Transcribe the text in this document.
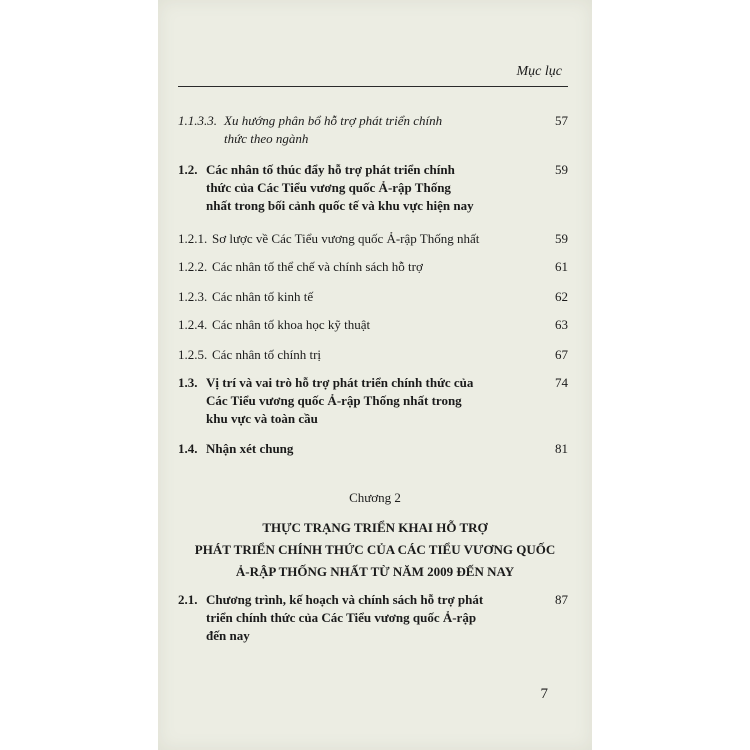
Mục lục
1.1.3.3. Xu hướng phân bổ hỗ trợ phát triển chính
thức theo ngành
57
1.2. Các nhân tố thúc đẩy hỗ trợ phát triển chính
thức của Các Tiểu vương quốc Ả-rập Thống
nhất trong bối cảnh quốc tế và khu vực hiện nay
59
1.2.1. Sơ lược về Các Tiểu vương quốc Ả-rập Thống nhất	59
1.2.2. Các nhân tố thể chế và chính sách hỗ trợ	61
1.2.3. Các nhân tố kinh tế	62
1.2.4. Các nhân tố khoa học kỹ thuật	63
1.2.5. Các nhân tố chính trị	67
1.3. Vị trí và vai trò hỗ trợ phát triển chính thức của
Các Tiểu vương quốc Ả-rập Thống nhất trong
khu vực và toàn cầu
74
1.4. Nhận xét chung	81
Chương 2
THỰC TRẠNG TRIỂN KHAI HỖ TRỢ
PHÁT TRIỂN CHÍNH THỨC CỦA CÁC TIỂU VƯƠNG QUỐC
Ả-RẬP THỐNG NHẤT TỪ NĂM 2009 ĐẾN NAY
2.1. Chương trình, kế hoạch và chính sách hỗ trợ phát
triển chính thức của Các Tiểu vương quốc Ả-rập
đến nay
87
7
